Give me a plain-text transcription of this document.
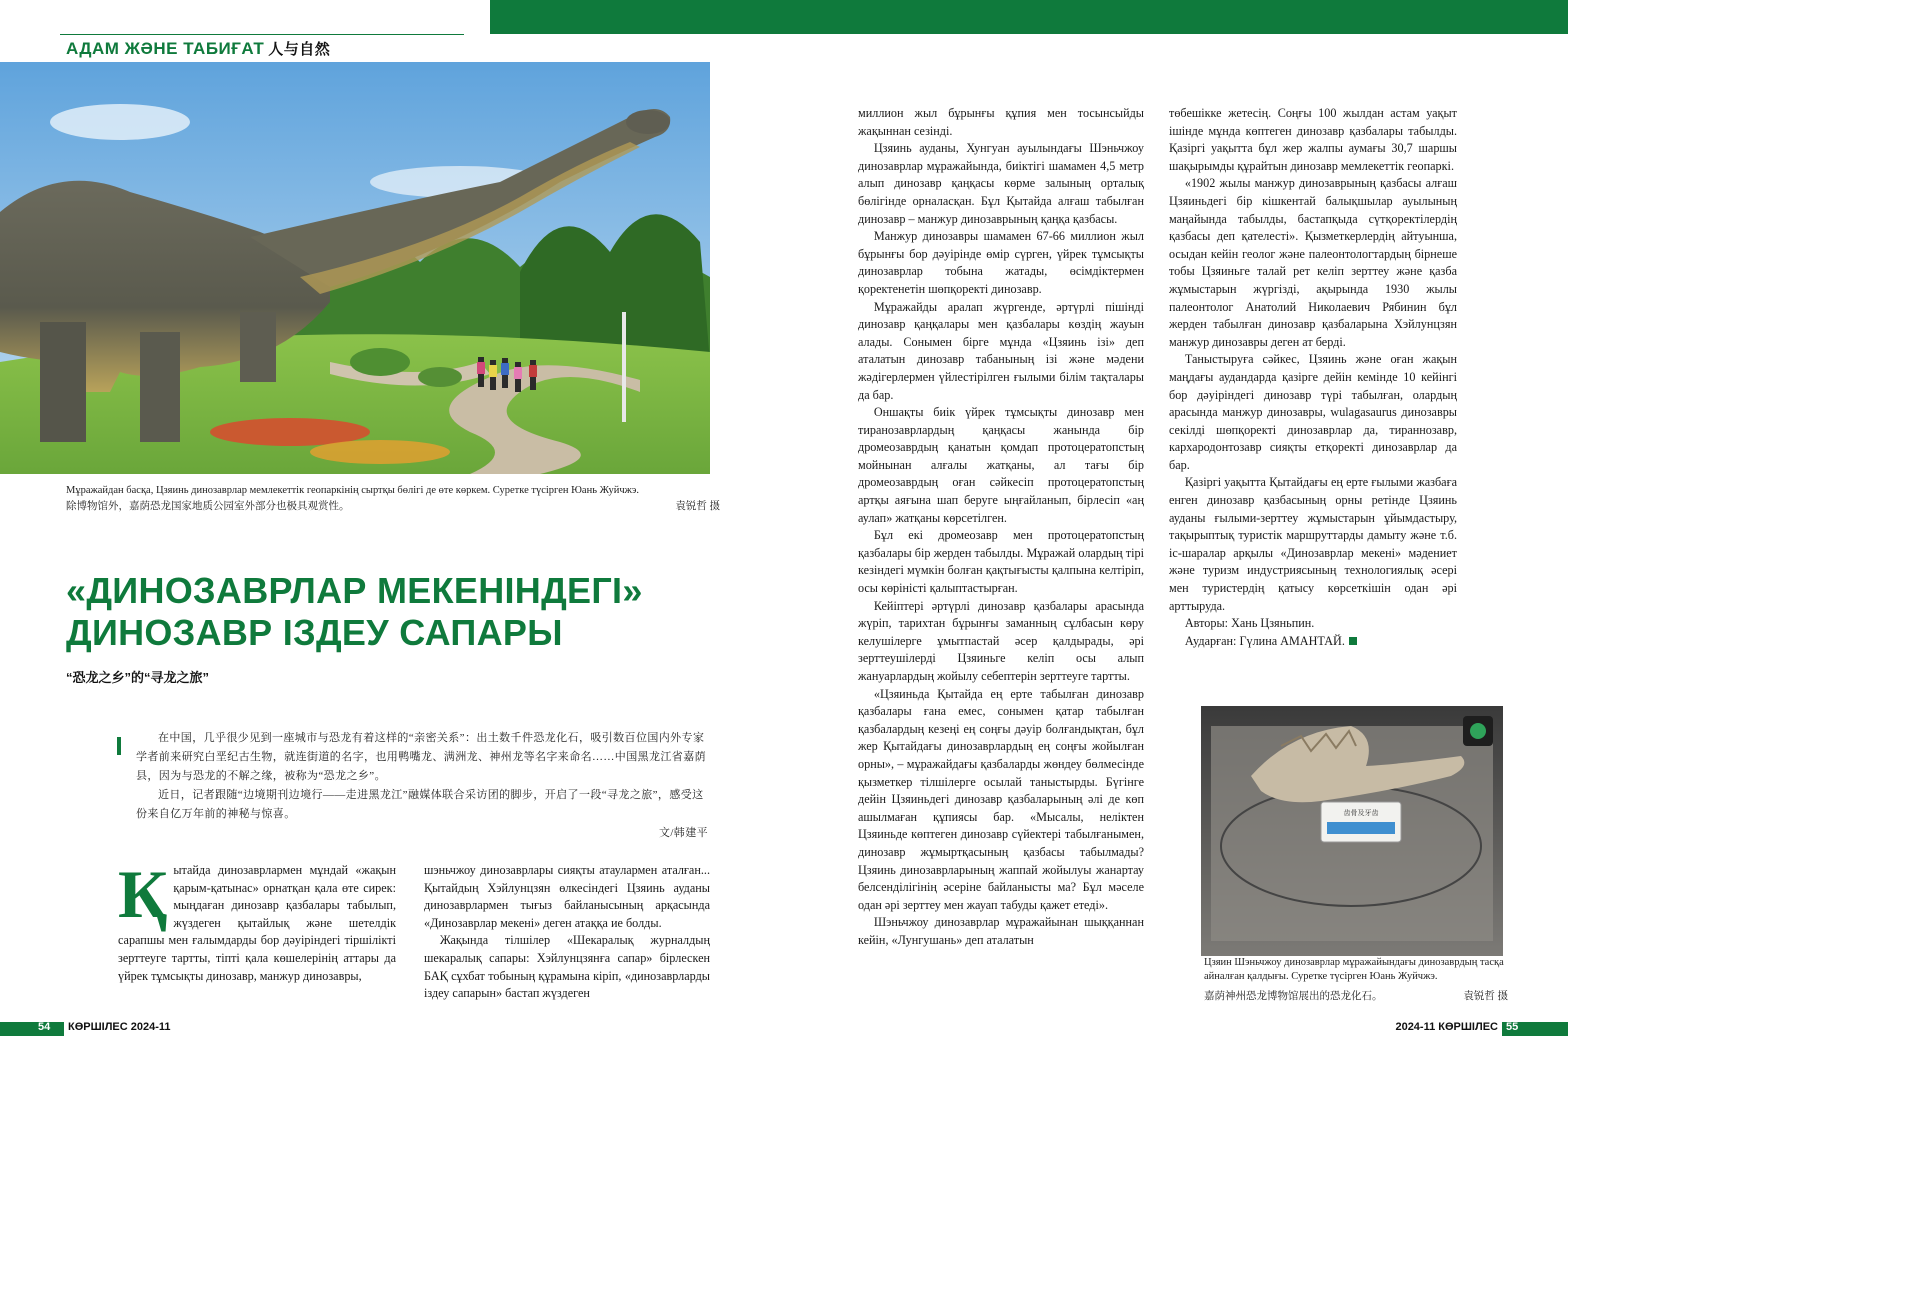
АДАМ ЖӘНЕ ТАБИҒАТ 人与自然
Мұражайдан басқа, Цзяинь динозаврлар мемлекеттік геопаркінің сыртқы бөлігі де өте көркем. Суретке түсірген Юань Жуйчжэ.
除博物馆外，嘉荫恐龙国家地质公园室外部分也极具观赏性。	袁锐哲 摄
«ДИНОЗАВРЛАР МЕКЕНІНДЕГІ»
ДИНОЗАВР ІЗДЕУ САПАРЫ
“恐龙之乡”的“寻龙之旅”

在中国，几乎很少见到一座城市与恐龙有着这样的“亲密关系”：出土数千件恐龙化石，吸引数百位国内外专家学者前来研究白垩纪古生物，就连街道的名字，也用鸭嘴龙、满洲龙、神州龙等名字来命名……中国黑龙江省嘉荫县，因为与恐龙的不解之缘，被称为“恐龙之乡”。

近日，记者跟随“边境期刊边境行——走进黑龙江”融媒体联合采访团的脚步，开启了一段“寻龙之旅”，感受这份来自亿万年前的神秘与惊喜。

文/韩建平

Қ ытайда динозаврлармен мұндай «жақын қарым-қатынас» орнатқан қала өте сирек: мыңдаған динозавр қазбалары табылып, жүздеген қытайлық және шетелдік сарапшы мен ғалымдарды бор дәуіріндегі тіршілікті зерттеуге тартты, тіпті қала көшелерінің аттары да үйрек тұмсықты динозавр, манжур динозавры,

шэньчжоу динозаврлары сияқты атаулармен аталған... Қытайдың Хэйлунцзян өлкесіндегі Цзяинь ауданы динозаврлармен тығыз байланысының арқасында «Динозаврлар мекені» деген атаққа ие болды.

Жақында тілшілер «Шекаралық журналдың шекаралық сапары: Хэйлунцзянға сапар» бірлескен БАҚ сұхбат тобының құрамына кіріп, «динозаврларды іздеу сапарын» бастап жүздеген

миллион жыл бұрынғы құпия мен тосынсыйды жақыннан сезінді.

Цзяинь ауданы, Хунгуан ауылындағы Шэньчжоу динозаврлар мұражайында, биіктігі шамамен 4,5 метр алып динозавр қаңқасы көрме залының орталық бөлігінде орналасқан. Бұл Қытайда алғаш табылған динозавр – манжур динозаврының қаңқа қазбасы.

Манжур динозавры шамамен 67-66 миллион жыл бұрынғы бор дәуірінде өмір сүрген, үйрек тұмсықты динозаврлар тобына жатады, өсімдіктермен қоректенетін шөпқоректі динозавр.

Мұражайды аралап жүргенде, әртүрлі пішінді динозавр қаңқалары мен қазбалары көздің жауын алады. Сонымен бірге мұнда «Цзяинь ізі» деп аталатын динозавр табанының ізі және мәдени жәдігерлермен үйлестірілген ғылыми білім тақталары да бар.

Оншақты биік үйрек тұмсықты динозавр мен тиранозаврлардың қаңқасы жанында бір дромеозаврдың қанатын қомдап протоцератопстың мойнынан алғалы жатқаны, ал тағы бір дромеозаврдың оған сәйкесіп протоцератопстың артқы аяғына шап беруге ыңғайланып, бірлесіп «аң аулап» жатқаны көрсетілген.

Бұл екі дромеозавр мен протоцератопстың қазбалары бір жерден табылды. Мұражай олардың тірі кезіндегі мүмкін болған қақтығысты қалпына келтіріп, осы көріністі қалыптастырған.

Кейіптері әртүрлі динозавр қазбалары арасында жүріп, тарихтан бұрынғы заманның сұлбасын көру келушілерге ұмытпастай әсер қалдырады, әрі зерттеушілерді Цзяиньге келіп осы алып жануарлардың жойылу себептерін зерттеуге тартты.

«Цзяиньда Қытайда ең ерте табылған динозавр қазбалары ғана емес, сонымен қатар табылған қазбалардың кезеңі ең соңғы дәуір болғандықтан, бұл жер Қытайдағы динозаврлардың ең соңғы жойылған орны», – мұражайдағы қазбаларды жөндеу бөлмесінде қызметкер тілшілерге осылай таныстырды. Бүгінге дейін Цзяиньдегі динозавр қазбаларының әлі де көп ашылмаған құпиясы бар. «Мысалы, неліктен Цзяиньде көптеген динозавр сүйектері табылғанымен, динозавр жұмыртқасының қазбасы табылмады? Цзяинь динозаврларының жаппай жойылуы жанартау белсенділігінің әсеріне байланысты ма? Бұл мәселе одан әрі зерттеу мен жауап табуды қажет етеді».

Шэньчжоу динозаврлар мұражайынан шыққаннан кейін, «Лунгушань» деп аталатын

төбешікке жетесің. Соңғы 100 жылдан астам уақыт ішінде мұнда көптеген динозавр қазбалары табылды. Қазіргі уақытта бұл жер жалпы аумағы 30,7 шаршы шақырымды құрайтын динозавр мемлекеттік геопаркі.

«1902 жылы манжур динозаврының қазбасы алғаш Цзяиньдегі бір кішкентай балықшылар ауылының маңайында табылды, бастапқыда сүтқоректілердің қазбасы деп қателесті». Қызметкерлердің айтуынша, осыдан кейін геолог және палеонтологтардың бірнеше тобы Цзяиньге талай рет келіп зерттеу және қазба жұмыстарын жүргізді, ақырында 1930 жылы палеонтолог Анатолий Николаевич Рябинин бұл жерден табылған динозавр қазбаларына Хэйлунцзян манжур динозавры деген ат берді.

Таныстыруға сәйкес, Цзяинь және оған жақын маңдағы аудандарда қазірге дейін кемінде 10 кейінгі бор дәуіріндегі динозавр түрі табылған, олардың арасында манжур динозавры, wulagasaurus динозавры секілді шөпқоректі динозаврлар да, тираннозавр, кархародонтозавр сияқты етқоректі динозаврлар да бар.

Қазіргі уақытта Қытайдағы ең ерте ғылыми жазбаға енген динозавр қазбасының орны ретінде Цзяинь ауданы ғылыми-зерттеу жұмыстарын ұйымдастыру, тақырыптық туристік маршруттарды дамыту және т.б. іс-шаралар арқылы «Динозаврлар мекені» мәдениет және туризм индустриясының технологиялық әсері мен туристердің қатысу көрсеткішін одан әрі арттыруда.

Авторы: Хань Цзяньпин.

Аударған: Гүлина АМАНТАЙ.

齿骨及牙齿
Цзяин Шэньчжоу динозаврлар мұражайындағы динозаврдың тасқа айналған қалдығы. Суретке түсірген Юань Жуйчжэ.
嘉荫神州恐龙博物馆展出的恐龙化石。	袁锐哲 摄
54 КӨРШІЛЕС 2024-11	2024-11 КӨРШІЛЕС 55
